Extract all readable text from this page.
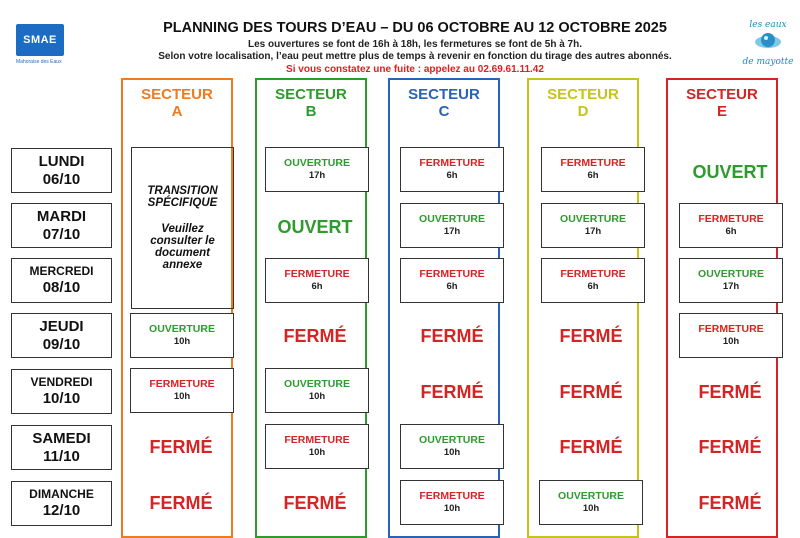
SMAE
Mahoraise des Eaux
les eaux
de mayotte
PLANNING DES TOURS D’EAU – DU 06 OCTOBRE AU 12 OCTOBRE 2025
Les ouvertures se font de 16h à 18h, les fermetures se font de 5h à 7h.
Selon votre localisation, l’eau peut mettre plus de temps à revenir en fonction du tirage des autres abonnés.
Si vous constatez une fuite : appelez au 02.69.61.11.42
LUNDI
06/10
MARDI
07/10
MERCREDI
08/10
JEUDI
09/10
VENDREDI
10/10
SAMEDI
11/10
DIMANCHE
12/10
SECTEUR
A
SECTEUR
B
SECTEUR
C
SECTEUR
D
SECTEUR
E
TRANSITION SPÉCIFIQUE
Veuillez consulter le document annexe
OUVERTURE
10h
FERMETURE
10h
FERMÉ
FERMÉ
OUVERTURE
17h
OUVERT
FERMETURE
6h
FERMÉ
OUVERTURE
10h
FERMETURE
10h
FERMÉ
FERMETURE
6h
OUVERTURE
17h
FERMETURE
6h
FERMÉ
FERMÉ
OUVERTURE
10h
FERMETURE
10h
FERMETURE
6h
OUVERTURE
17h
FERMETURE
6h
FERMÉ
FERMÉ
FERMÉ
OUVERTURE
10h
OUVERT
FERMETURE
6h
OUVERTURE
17h
FERMETURE
10h
FERMÉ
FERMÉ
FERMÉ
